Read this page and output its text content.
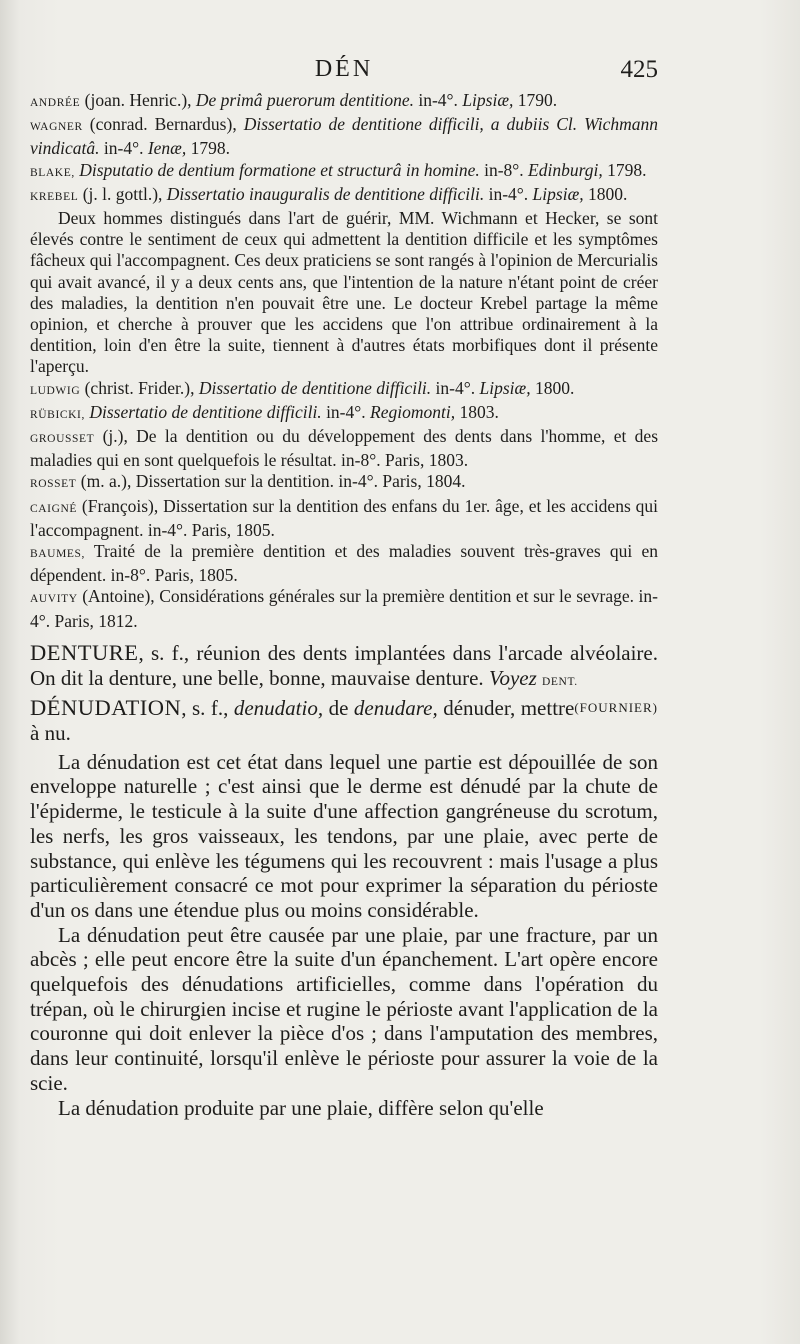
DÉN	425

ANDRÉE (joan. Henric.), De primâ puerorum dentitione. in-4°. Lipsiæ, 1790.

WAGNER (conrad. Bernardus), Dissertatio de dentitione difficili, a dubiis Cl. Wichmann vindicatâ. in-4°. Ienæ, 1798.

BLAKE, Disputatio de dentium formatione et structurâ in homine. in-8°. Edinburgi, 1798.

KREBEL (j. l. gottl.), Dissertatio inauguralis de dentitione difficili. in-4°. Lipsiæ, 1800.

Deux hommes distingués dans l'art de guérir, MM. Wichmann et Hecker, se sont élevés contre le sentiment de ceux qui admettent la dentition difficile et les symptômes fâcheux qui l'accompagnent. Ces deux praticiens se sont rangés à l'opinion de Mercurialis qui avait avancé, il y a deux cents ans, que l'intention de la nature n'étant point de créer des maladies, la dentition n'en pouvait être une. Le docteur Krebel partage la même opinion, et cherche à prouver que les accidens que l'on attribue ordinairement à la dentition, loin d'en être la suite, tiennent à d'autres états morbifiques dont il présente l'aperçu.

LUDWIG (christ. Frider.), Dissertatio de dentitione difficili. in-4°. Lipsiæ, 1800.

RÜBICKI, Dissertatio de dentitione difficili. in-4°. Regiomonti, 1803.

GROUSSET (j.), De la dentition ou du développement des dents dans l'homme, et des maladies qui en sont quelquefois le résultat. in-8°. Paris, 1803.

ROSSET (m. a.), Dissertation sur la dentition. in-4°. Paris, 1804.

CAIGNÉ (François), Dissertation sur la dentition des enfans du 1er. âge, et les accidens qui l'accompagnent. in-4°. Paris, 1805.

BAUMES, Traité de la première dentition et des maladies souvent très-graves qui en dépendent. in-8°. Paris, 1805.

AUVITY (Antoine), Considérations générales sur la première dentition et sur le sevrage. in-4°. Paris, 1812.

DENTURE, s. f., réunion des dents implantées dans l'arcade alvéolaire. On dit la denture, une belle, bonne, mauvaise denture. Voyez DENT.
(FOURNIER)

DÉNUDATION, s. f., denudatio, de denudare, dénuder, mettre à nu.

La dénudation est cet état dans lequel une partie est dépouillée de son enveloppe naturelle ; c'est ainsi que le derme est dénudé par la chute de l'épiderme, le testicule à la suite d'une affection gangréneuse du scrotum, les nerfs, les gros vaisseaux, les tendons, par une plaie, avec perte de substance, qui enlève les tégumens qui les recouvrent : mais l'usage a plus particulièrement consacré ce mot pour exprimer la séparation du périoste d'un os dans une étendue plus ou moins considérable.

La dénudation peut être causée par une plaie, par une fracture, par un abcès ; elle peut encore être la suite d'un épanchement. L'art opère encore quelquefois des dénudations artificielles, comme dans l'opération du trépan, où le chirurgien incise et rugine le périoste avant l'application de la couronne qui doit enlever la pièce d'os ; dans l'amputation des membres, dans leur continuité, lorsqu'il enlève le périoste pour assurer la voie de la scie.

La dénudation produite par une plaie, diffère selon qu'elle
